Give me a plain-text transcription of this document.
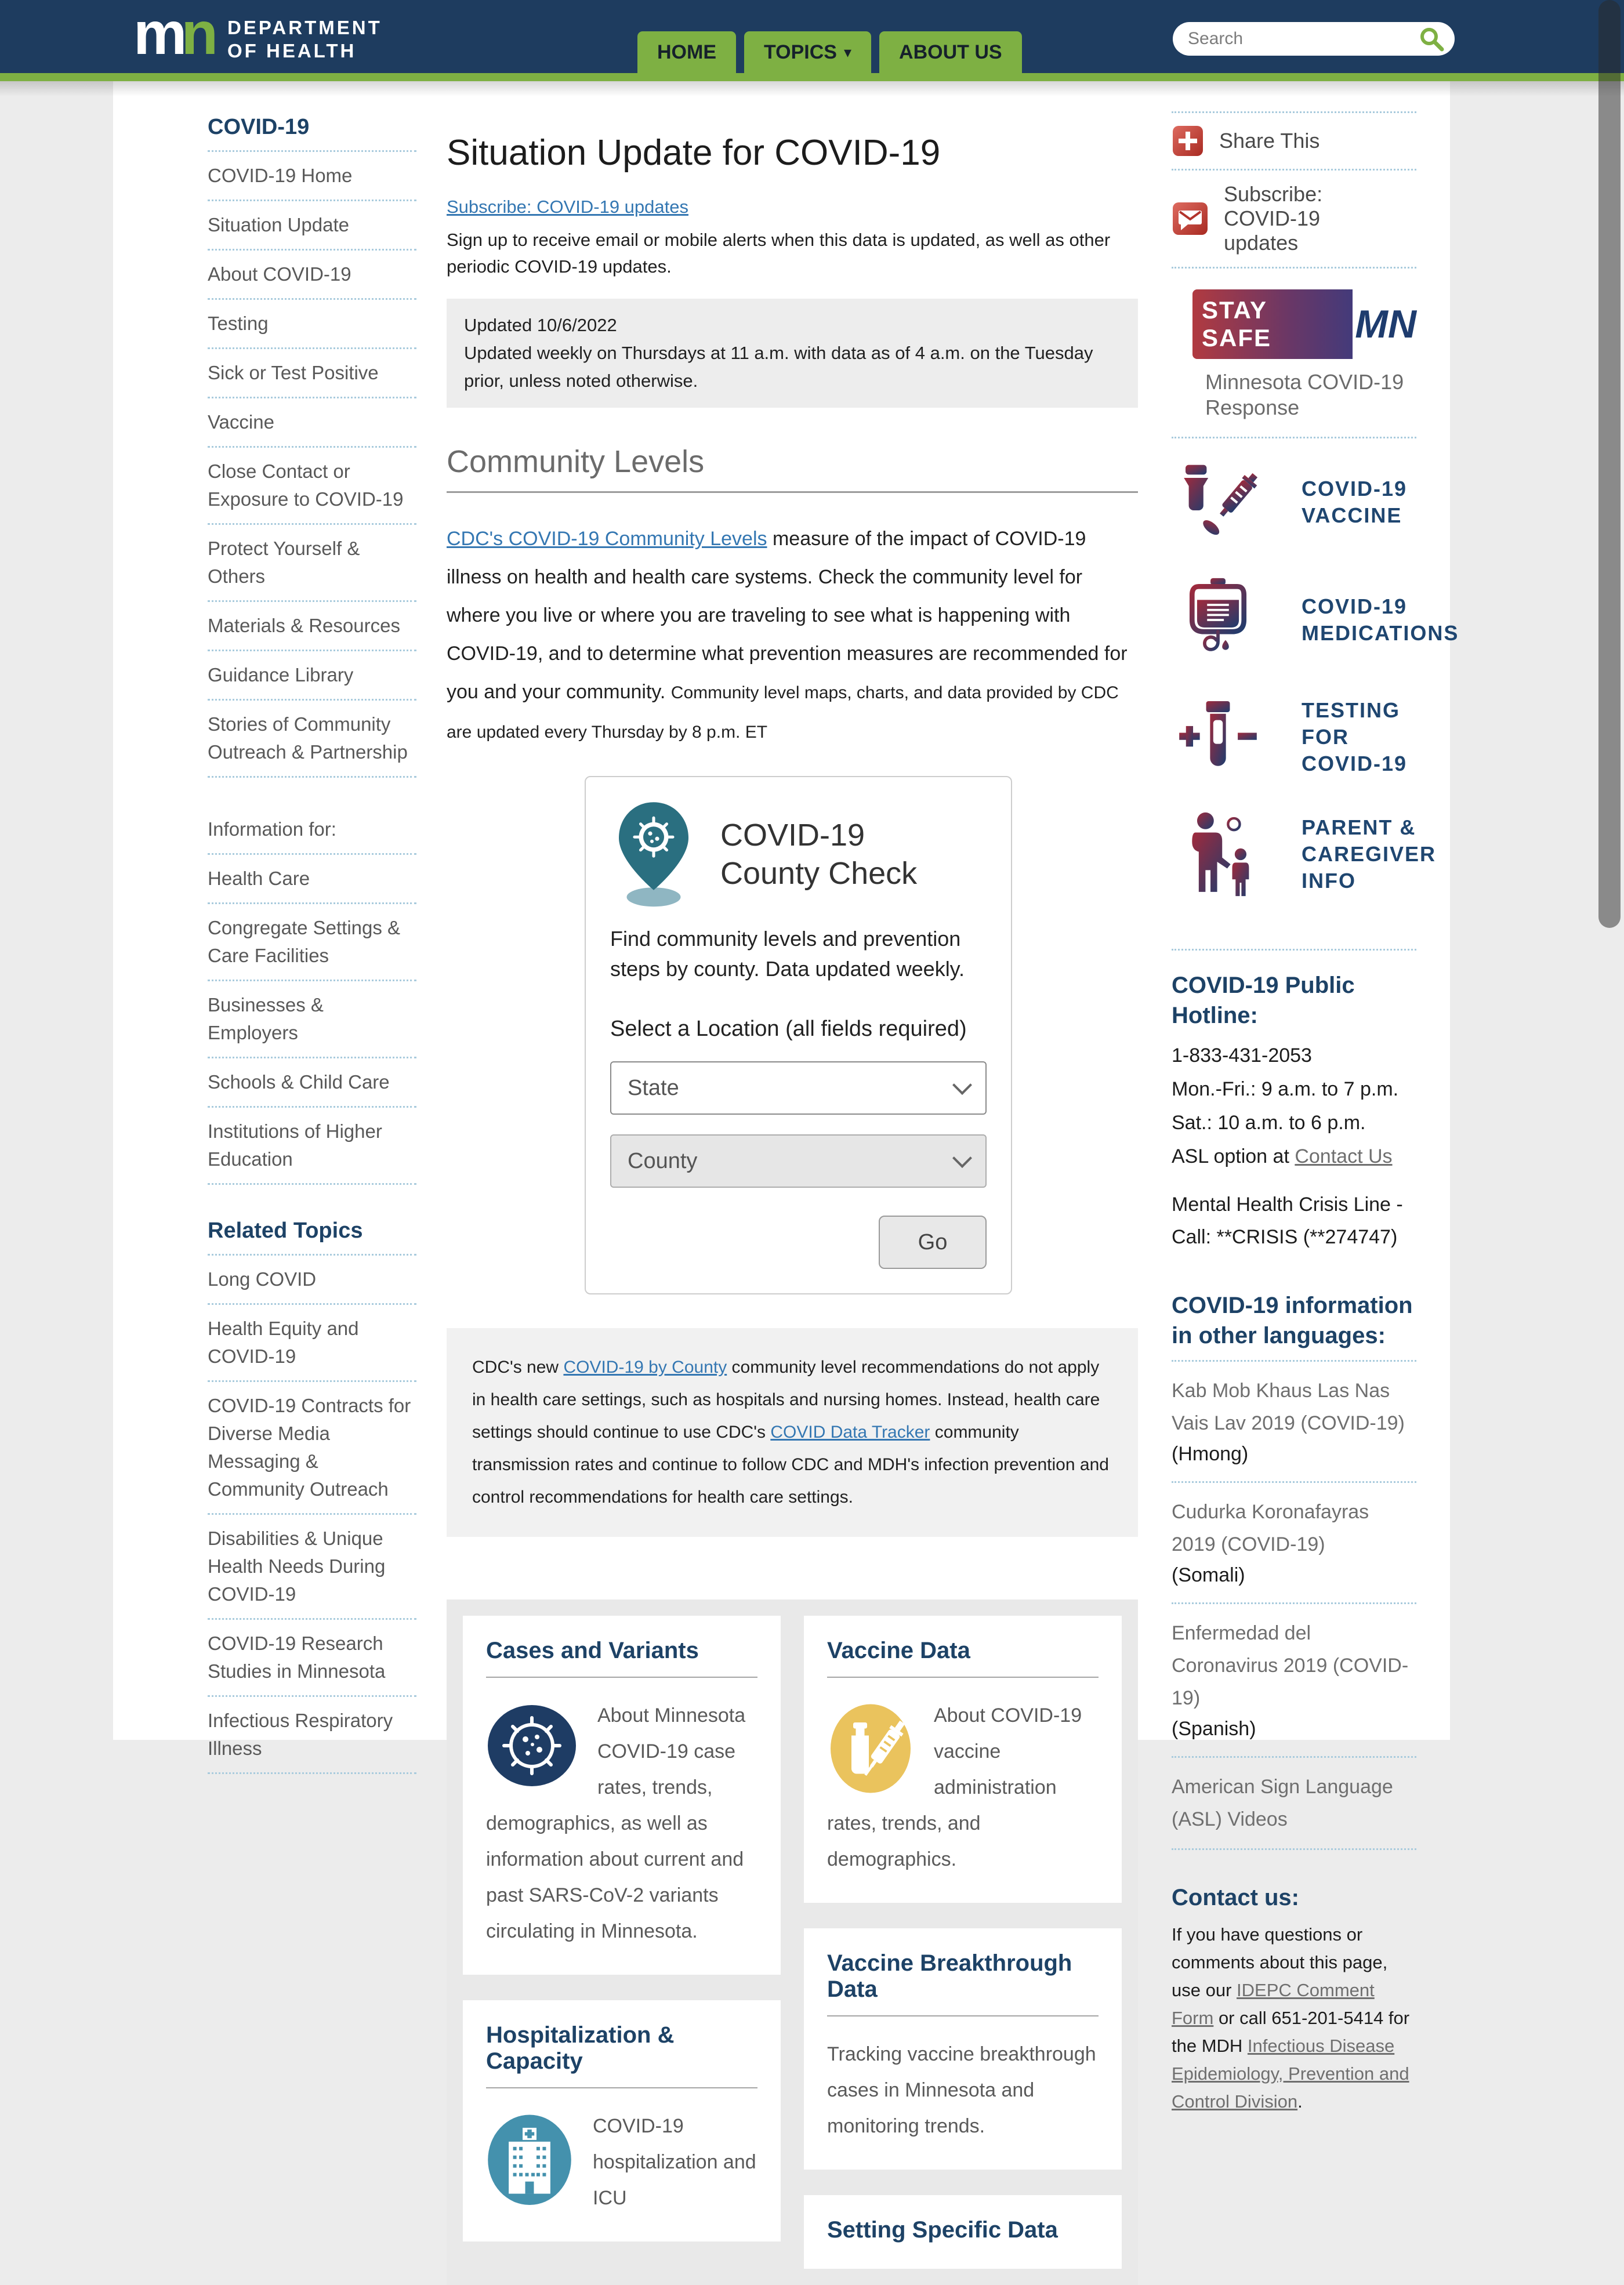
mn DEPARTMENT
OF HEALTH	HOME	TOPICS ▾	ABOUT US
Search
COVID-19
COVID-19 Home
Situation Update
About COVID-19
Testing
Sick or Test Positive
Vaccine
Close Contact or Exposure to COVID-19
Protect Yourself & Others
Materials & Resources
Guidance Library
Stories of Community Outreach & Partnership
Information for:
Health Care
Congregate Settings & Care Facilities
Businesses & Employers
Schools & Child Care
Institutions of Higher Education
Related Topics
Long COVID
Health Equity and COVID-19
COVID-19 Contracts for Diverse Media Messaging & Community Outreach
Disabilities & Unique Health Needs During COVID-19
COVID-19 Research Studies in Minnesota
Infectious Respiratory Illness
Situation Update for COVID-19
Subscribe: COVID-19 updates

Sign up to receive email or mobile alerts when this data is updated, as well as other periodic COVID-19 updates.

Updated 10/6/2022
Updated weekly on Thursdays at 11 a.m. with data as of 4 a.m. on the Tuesday prior, unless noted otherwise.
Community Levels

CDC's COVID-19 Community Levels measure of the impact of COVID-19 illness on health and health care systems. Check the community level for where you live or where you are traveling to see what is happening with COVID-19, and to determine what prevention measures are recommended for you and your community. Community level maps, charts, and data provided by CDC are updated every Thursday by 8 p.m. ET

COVID-19
County Check

Find community levels and prevention steps by county. Data updated weekly.

Select a Location (all fields required)
State
County
Go
CDC's new COVID-19 by County community level recommendations do not apply in health care settings, such as hospitals and nursing homes. Instead, health care settings should continue to use CDC's COVID Data Tracker community transmission rates and continue to follow CDC and MDH's infection prevention and control recommendations for health care settings.
Cases and Variants
About Minnesota COVID-19 case rates, trends, demographics, as well as information about current and past SARS-CoV-2 variants circulating in Minnesota.
Hospitalization & Capacity
COVID-19 hospitalization and ICU
Vaccine Data
About COVID-19 vaccine administration rates, trends, and demographics.
Vaccine Breakthrough Data
Tracking vaccine breakthrough cases in Minnesota and monitoring trends.
Setting Specific Data
Share This
Subscribe: COVID-19 updates
STAY SAFE	MN
Minnesota COVID-19 Response
COVID-19 VACCINE
COVID-19 MEDICATIONS
TESTING FOR COVID-19
PARENT & CAREGIVER INFO
COVID-19 Public Hotline:
1-833-431-2053
Mon.-Fri.: 9 a.m. to 7 p.m.
Sat.: 10 a.m. to 6 p.m.
ASL option at Contact Us
Mental Health Crisis Line - Call: **CRISIS (**274747)
COVID-19 information in other languages:
Kab Mob Khaus Las Nas Vais Lav 2019 (COVID-19)
(Hmong)
Cudurka Koronafayras 2019 (COVID-19)
(Somali)
Enfermedad del Coronavirus 2019 (COVID-19)
(Spanish)
American Sign Language (ASL) Videos
Contact us:

If you have questions or comments about this page, use our IDEPC Comment Form or call 651-201-5414 for the MDH Infectious Disease Epidemiology, Prevention and Control Division.
